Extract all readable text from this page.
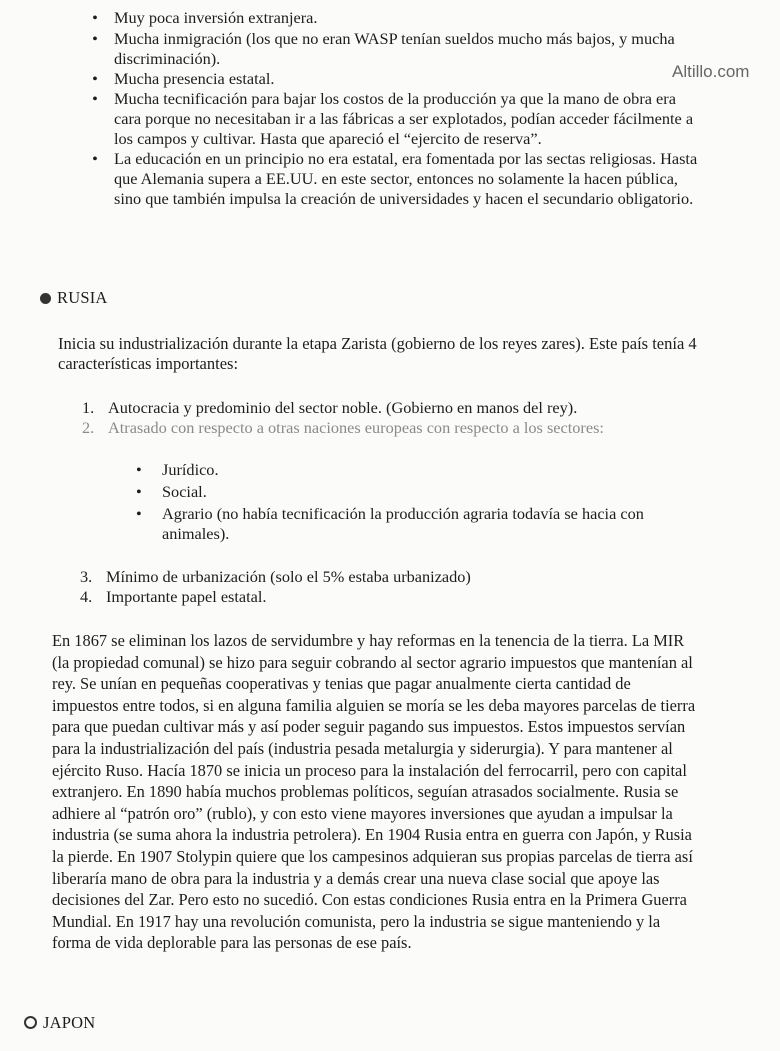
Altillo.com
• Muy poca inversión extranjera.
• Mucha inmigración (los que no eran WASP tenían sueldos mucho más bajos, y mucha discriminación).
• Mucha presencia estatal.
• Mucha tecnificación para bajar los costos de la producción ya que la mano de obra era cara porque no necesitaban ir a las fábricas a ser explotados, podían acceder fácilmente a los campos y cultivar. Hasta que apareció el “ejercito de reserva”.
• La educación en un principio no era estatal, era fomentada por las sectas religiosas. Hasta que Alemania supera a EE.UU. en este sector, entonces no solamente la hacen pública, sino que también impulsa la creación de universidades y hacen el secundario obligatorio.
RUSIA

Inicia su industrialización durante la etapa Zarista (gobierno de los reyes zares). Este país tenía 4 características importantes:

1. Autocracia y predominio del sector noble. (Gobierno en manos del rey).
2. Atrasado con respecto a otras naciones europeas con respecto a los sectores:
• Jurídico.
• Social.
• Agrario (no había tecnificación la producción agraria todavía se hacia con animales).
3. Mínimo de urbanización (solo el 5% estaba urbanizado)
4. Importante papel estatal.

En 1867 se eliminan los lazos de servidumbre y hay reformas en la tenencia de la tierra. La MIR (la propiedad comunal) se hizo para seguir cobrando al sector agrario impuestos que mantenían al rey. Se unían en pequeñas cooperativas y tenias que pagar anualmente cierta cantidad de impuestos entre todos, si en alguna familia alguien se moría se les deba mayores parcelas de tierra para que puedan cultivar más y así poder seguir pagando sus impuestos. Estos impuestos servían para la industrialización del país (industria pesada metalurgia y siderurgia). Y para mantener al ejército Ruso. Hacía 1870 se inicia un proceso para la instalación del ferrocarril, pero con capital extranjero. En 1890 había muchos problemas políticos, seguían atrasados socialmente. Rusia se adhiere al “patrón oro” (rublo), y con esto viene mayores inversiones que ayudan a impulsar la industria (se suma ahora la industria petrolera). En 1904 Rusia entra en guerra con Japón, y Rusia la pierde. En 1907 Stolypin quiere que los campesinos adquieran sus propias parcelas de tierra así liberaría mano de obra para la industria y a demás crear una nueva clase social que apoye las decisiones del Zar. Pero esto no sucedió. Con estas condiciones Rusia entra en la Primera Guerra Mundial. En 1917 hay una revolución comunista, pero la industria se sigue manteniendo y la forma de vida deplorable para las personas de ese país.

JAPON
